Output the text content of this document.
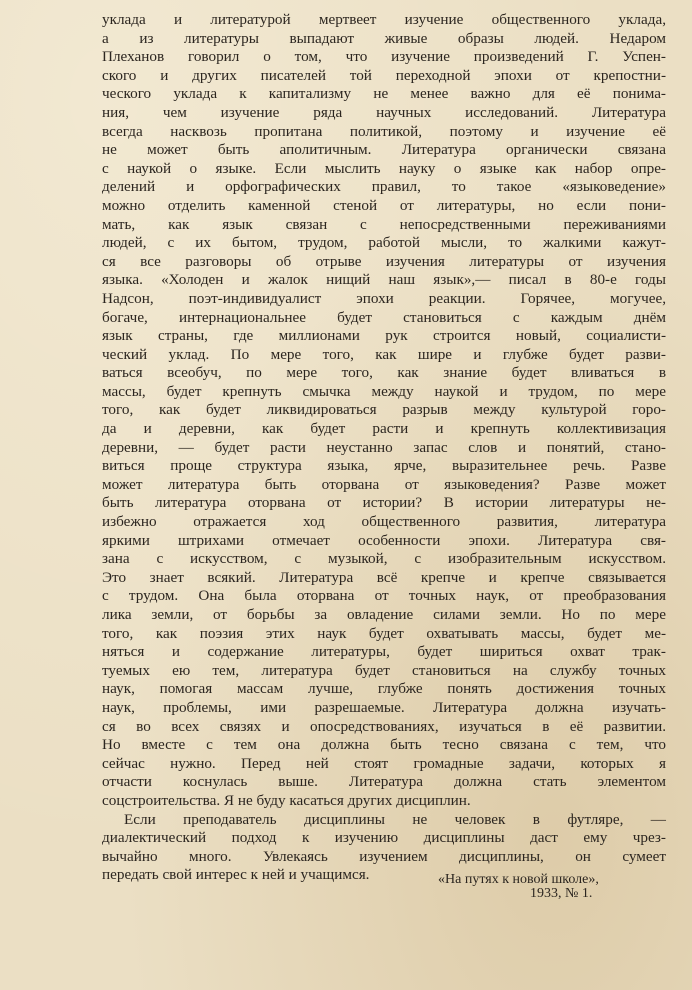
уклада и литературой мертвеет изучение общественного уклада,
а из литературы выпадают живые образы людей. Недаром
Плеханов говорил о том, что изучение произведений Г. Успен-
ского и других писателей той переходной эпохи от крепостни-
ческого уклада к капитализму не менее важно для её понима-
ния, чем изучение ряда научных исследований. Литература
всегда насквозь пропитана политикой, поэтому и изучение её
не может быть аполитичным. Литература органически связана
с наукой о языке. Если мыслить науку о языке как набор опре-
делений и орфографических правил, то такое «языковедение»
можно отделить каменной стеной от литературы, но если пони-
мать, как язык связан с непосредственными переживаниями
людей, с их бытом, трудом, работой мысли, то жалкими кажут-
ся все разговоры об отрыве изучения литературы от изучения
языка. «Холоден и жалок нищий наш язык»,— писал в 80-е годы
Надсон, поэт-индивидуалист эпохи реакции. Горячее, могучее,
богаче, интернациональнее будет становиться с каждым днём
язык страны, где миллионами рук строится новый, социалисти-
ческий уклад. По мере того, как шире и глубже будет разви-
ваться всеобуч, по мере того, как знание будет вливаться в
массы, будет крепнуть смычка между наукой и трудом, по мере
того, как будет ликвидироваться разрыв между культурой горо-
да и деревни, как будет расти и крепнуть коллективизация
деревни, — будет расти неустанно запас слов и понятий, стано-
виться проще структура языка, ярче, выразительнее речь. Разве
может литература быть оторвана от языковедения? Разве может
быть литература оторвана от истории? В истории литературы не-
избежно отражается ход общественного развития, литература
яркими штрихами отмечает особенности эпохи. Литература свя-
зана с искусством, с музыкой, с изобразительным искусством.
Это знает всякий. Литература всё крепче и крепче связывается
с трудом. Она была оторвана от точных наук, от преобразования
лика земли, от борьбы за овладение силами земли. Но по мере
того, как поэзия этих наук будет охватывать массы, будет ме-
няться и содержание литературы, будет шириться охват трак-
туемых ею тем, литература будет становиться на службу точных
наук, помогая массам лучше, глубже понять достижения точных
наук, проблемы, ими разрешаемые. Литература должна изучать-
ся во всех связях и опосредствованиях, изучаться в её развитии.
Но вместе с тем она должна быть тесно связана с тем, что
сейчас нужно. Перед ней стоят громадные задачи, которых я
отчасти коснулась выше. Литература должна стать элементом
соцстроительства. Я не буду касаться других дисциплин.
Если преподаватель дисциплины не человек в футляре, —
диалектический подход к изучению дисциплины даст ему чрез-
вычайно много. Увлекаясь изучением дисциплины, он сумеет
передать свой интерес к ней и учащимся.	«На путях к новой школе»,
1933, № 1.
